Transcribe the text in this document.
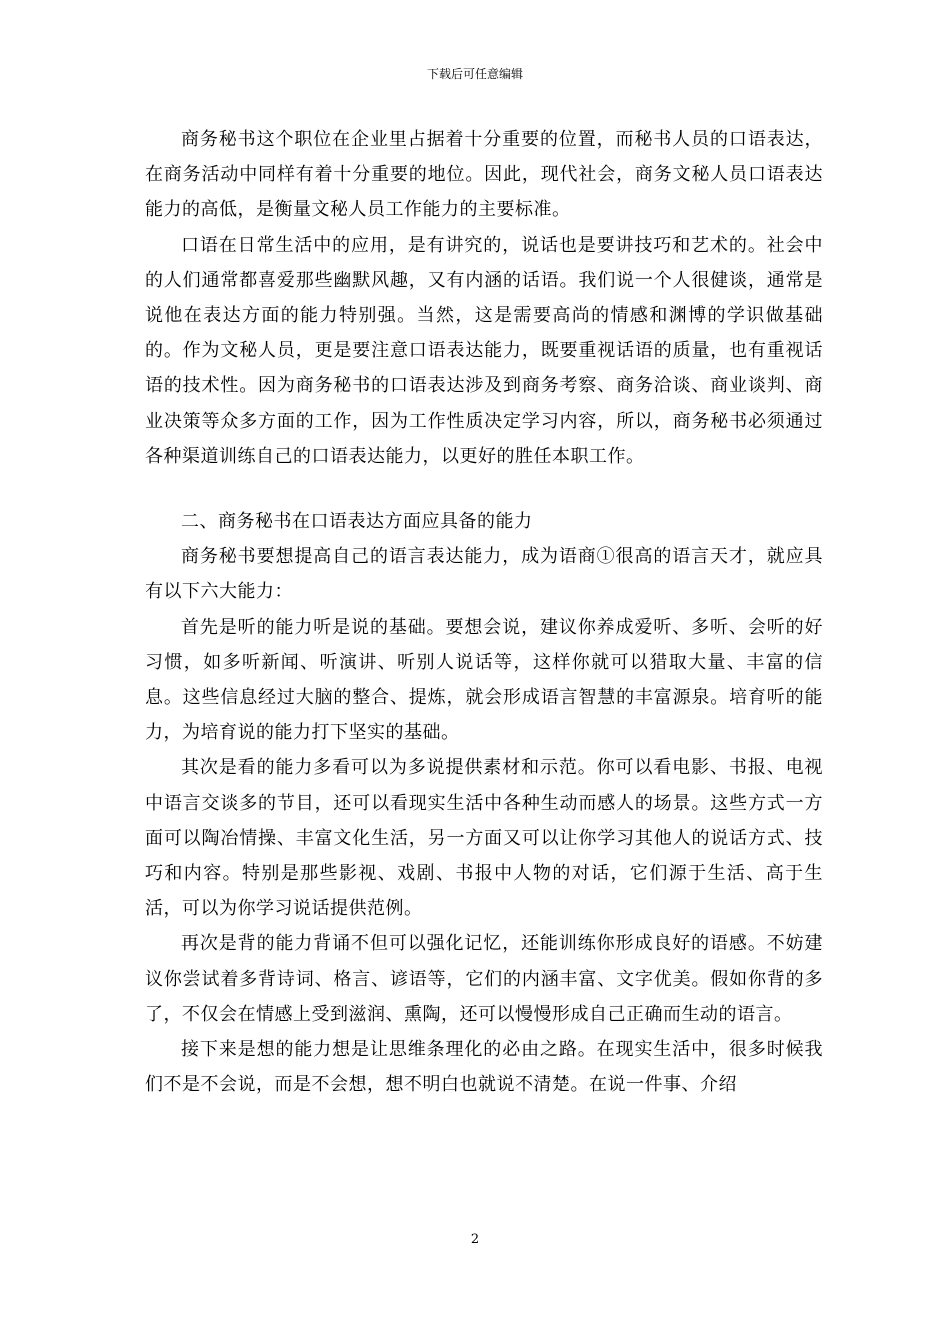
下载后可任意编辑

商务秘书这个职位在企业里占据着十分重要的位置，而秘书人员的口语表达，在商务活动中同样有着十分重要的地位。因此，现代社会，商务文秘人员口语表达能力的高低，是衡量文秘人员工作能力的主要标准。

口语在日常生活中的应用，是有讲究的，说话也是要讲技巧和艺术的。社会中的人们通常都喜爱那些幽默风趣，又有内涵的话语。我们说一个人很健谈，通常是说他在表达方面的能力特别强。当然，这是需要高尚的情感和渊博的学识做基础的。作为文秘人员，更是要注意口语表达能力，既要重视话语的质量，也有重视话语的技术性。因为商务秘书的口语表达涉及到商务考察、商务洽谈、商业谈判、商业决策等众多方面的工作，因为工作性质决定学习内容，所以，商务秘书必须通过各种渠道训练自己的口语表达能力，以更好的胜任本职工作。

二、商务秘书在口语表达方面应具备的能力

商务秘书要想提高自己的语言表达能力，成为语商①很高的语言天才，就应具有以下六大能力：

首先是听的能力听是说的基础。要想会说，建议你养成爱听、多听、会听的好习惯，如多听新闻、听演讲、听别人说话等，这样你就可以猎取大量、丰富的信息。这些信息经过大脑的整合、提炼，就会形成语言智慧的丰富源泉。培育听的能力，为培育说的能力打下坚实的基础。

其次是看的能力多看可以为多说提供素材和示范。你可以看电影、书报、电视中语言交谈多的节目，还可以看现实生活中各种生动而感人的场景。这些方式一方面可以陶冶情操、丰富文化生活，另一方面又可以让你学习其他人的说话方式、技巧和内容。特别是那些影视、戏剧、书报中人物的对话，它们源于生活、高于生活，可以为你学习说话提供范例。

再次是背的能力背诵不但可以强化记忆，还能训练你形成良好的语感。不妨建议你尝试着多背诗词、格言、谚语等，它们的内涵丰富、文字优美。假如你背的多了，不仅会在情感上受到滋润、熏陶，还可以慢慢形成自己正确而生动的语言。

接下来是想的能力想是让思维条理化的必由之路。在现实生活中，很多时候我们不是不会说，而是不会想，想不明白也就说不清楚。在说一件事、介绍

2
